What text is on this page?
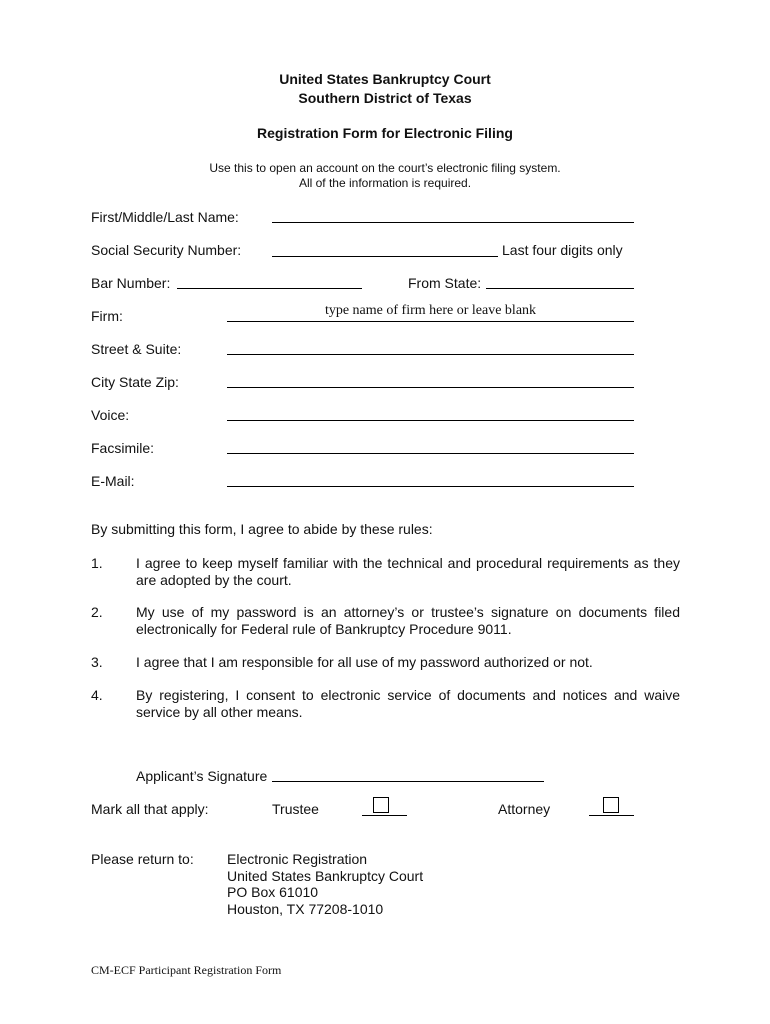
United States Bankruptcy Court
Southern District of Texas
Registration Form for Electronic Filing
Use this to open an account on the court’s electronic filing system.
All of the information is required.
First/Middle/Last Name:
Social Security Number:	Last four digits only
Bar Number:	From State:
Firm:	type name of firm here or leave blank
Street & Suite:
City State Zip:
Voice:
Facsimile:
E-Mail:
By submitting this form, I agree to abide by these rules:
1. I agree to keep myself familiar with the technical and procedural requirements as they are adopted by the court.
2. My use of my password is an attorney’s or trustee’s signature on documents filed electronically for Federal rule of Bankruptcy Procedure 9011.
3. I agree that I am responsible for all use of my password authorized or not.
4. By registering, I consent to electronic service of documents and notices and waive service by all other means.
Applicant’s Signature
Mark all that apply:	Trustee	Attorney
Please return to: Electronic Registration
United States Bankruptcy Court
PO Box 61010
Houston, TX 77208-1010
CM-ECF Participant Registration Form
